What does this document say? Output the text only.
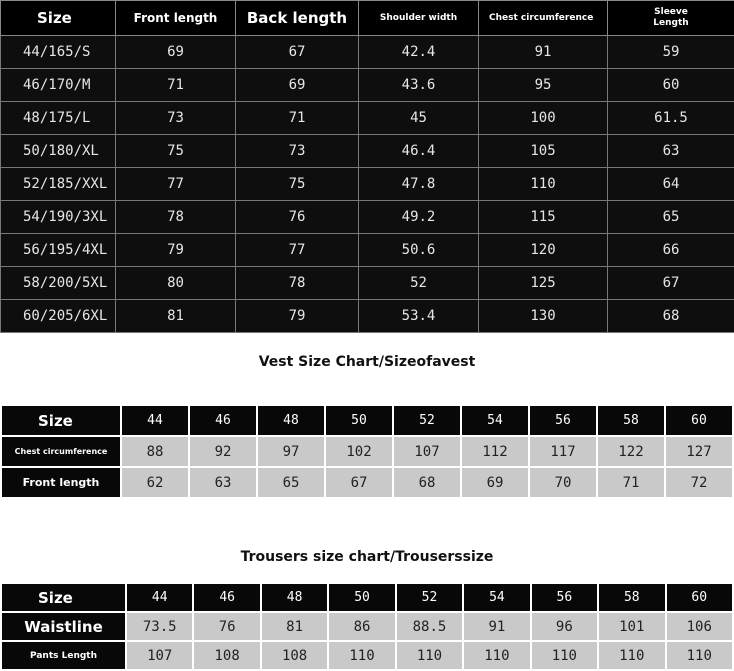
Size	Front length	Back length	Shoulder width	Chest circumference	Sleeve Length
44/165/S	69	67	42.4	91	59
46/170/M	71	69	43.6	95	60
48/175/L	73	71	45	100	61.5
50/180/XL	75	73	46.4	105	63
52/185/XXL	77	75	47.8	110	64
54/190/3XL	78	76	49.2	115	65
56/195/4XL	79	77	50.6	120	66
58/200/5XL	80	78	52	125	67
60/205/6XL	81	79	53.4	130	68
Vest Size Chart/Sizeofavest
Size	44	46	48	50	52	54	56	58	60
Chest circumference	88	92	97	102	107	112	117	122	127
Front length	62	63	65	67	68	69	70	71	72
Trousers size chart/Trouserssize
Size	44	46	48	50	52	54	56	58	60
Waistline	73.5	76	81	86	88.5	91	96	101	106
Pants Length	107	108	108	110	110	110	110	110	110
